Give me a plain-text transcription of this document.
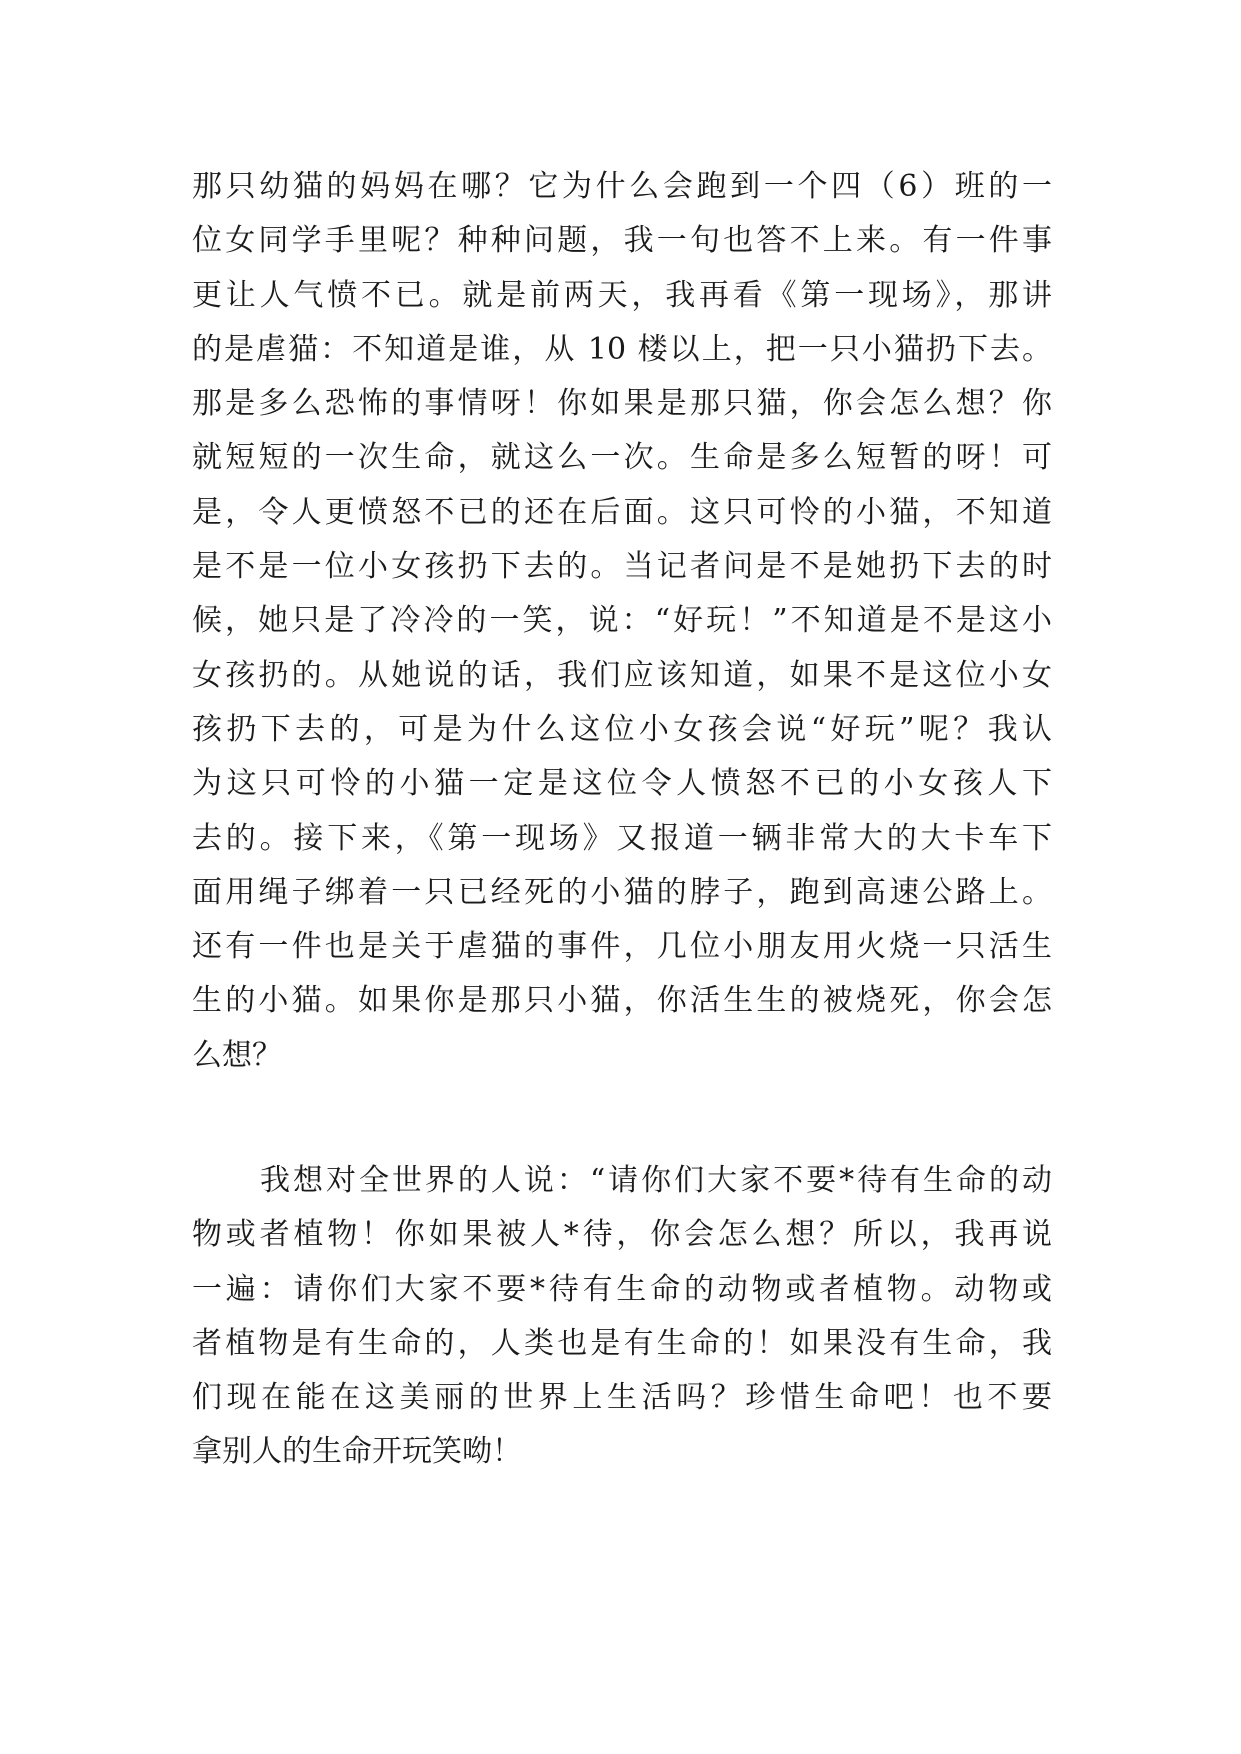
那只幼猫的妈妈在哪？它为什么会跑到一个四（6）班的一
位女同学手里呢？种种问题，我一句也答不上来。有一件事
更让人气愤不已。就是前两天，我再看《第一现场》，那讲
的是虐猫：不知道是谁，从 10 楼以上，把一只小猫扔下去。
那是多么恐怖的事情呀！你如果是那只猫，你会怎么想？你
就短短的一次生命，就这么一次。生命是多么短暂的呀！可
是，令人更愤怒不已的还在后面。这只可怜的小猫，不知道
是不是一位小女孩扔下去的。当记者问是不是她扔下去的时
候，她只是了冷冷的一笑，说：“好玩！”不知道是不是这小
女孩扔的。从她说的话，我们应该知道，如果不是这位小女
孩扔下去的，可是为什么这位小女孩会说“好玩”呢？我认
为这只可怜的小猫一定是这位令人愤怒不已的小女孩人下
去的。接下来，《第一现场》又报道一辆非常大的大卡车下
面用绳子绑着一只已经死的小猫的脖子，跑到高速公路上。
还有一件也是关于虐猫的事件，几位小朋友用火烧一只活生
生的小猫。如果你是那只小猫，你活生生的被烧死，你会怎
么想？
我想对全世界的人说：“请你们大家不要*待有生命的动
物或者植物！你如果被人*待，你会怎么想？所以，我再说
一遍：请你们大家不要*待有生命的动物或者植物。动物或
者植物是有生命的，人类也是有生命的！如果没有生命，我
们现在能在这美丽的世界上生活吗？珍惜生命吧！也不要
拿别人的生命开玩笑呦！
